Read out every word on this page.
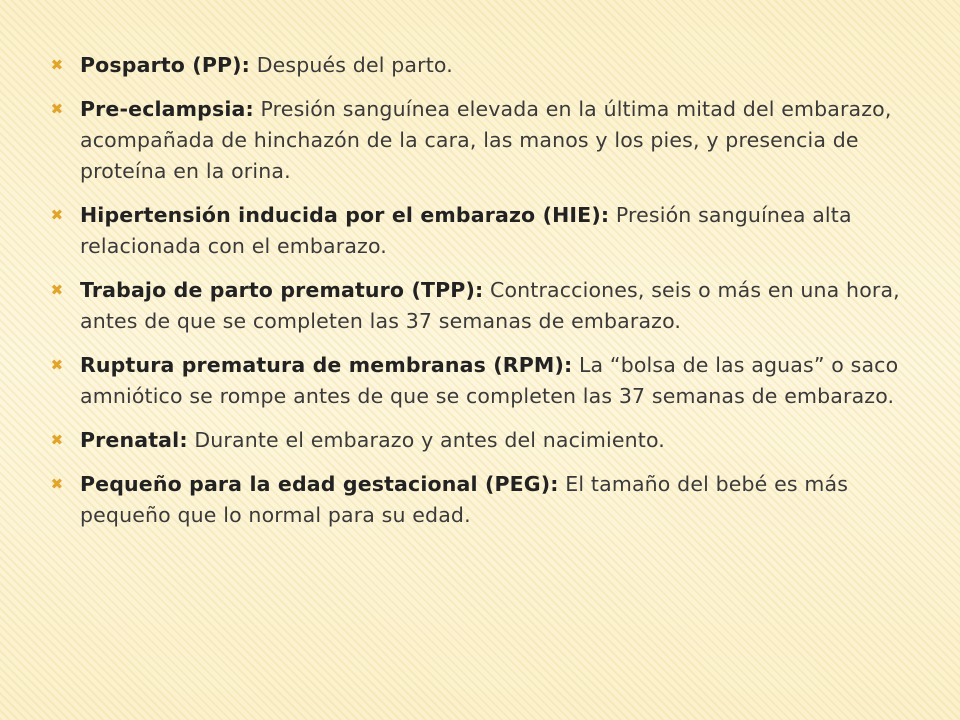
✖ Posparto (PP): Después del parto.
✖ Pre-eclampsia: Presión sanguínea elevada en la última mitad del embarazo, acompañada de hinchazón de la cara, las manos y los pies, y presencia de proteína en la orina.
✖ Hipertensión inducida por el embarazo (HIE): Presión sanguínea alta relacionada con el embarazo.
✖ Trabajo de parto prematuro (TPP): Contracciones, seis o más en una hora, antes de que se completen las 37 semanas de embarazo.
✖ Ruptura prematura de membranas (RPM): La “bolsa de las aguas” o saco amniótico se rompe antes de que se completen las 37 semanas de embarazo.
✖ Prenatal: Durante el embarazo y antes del nacimiento.
✖ Pequeño para la edad gestacional (PEG): El tamaño del bebé es más pequeño que lo normal para su edad.
